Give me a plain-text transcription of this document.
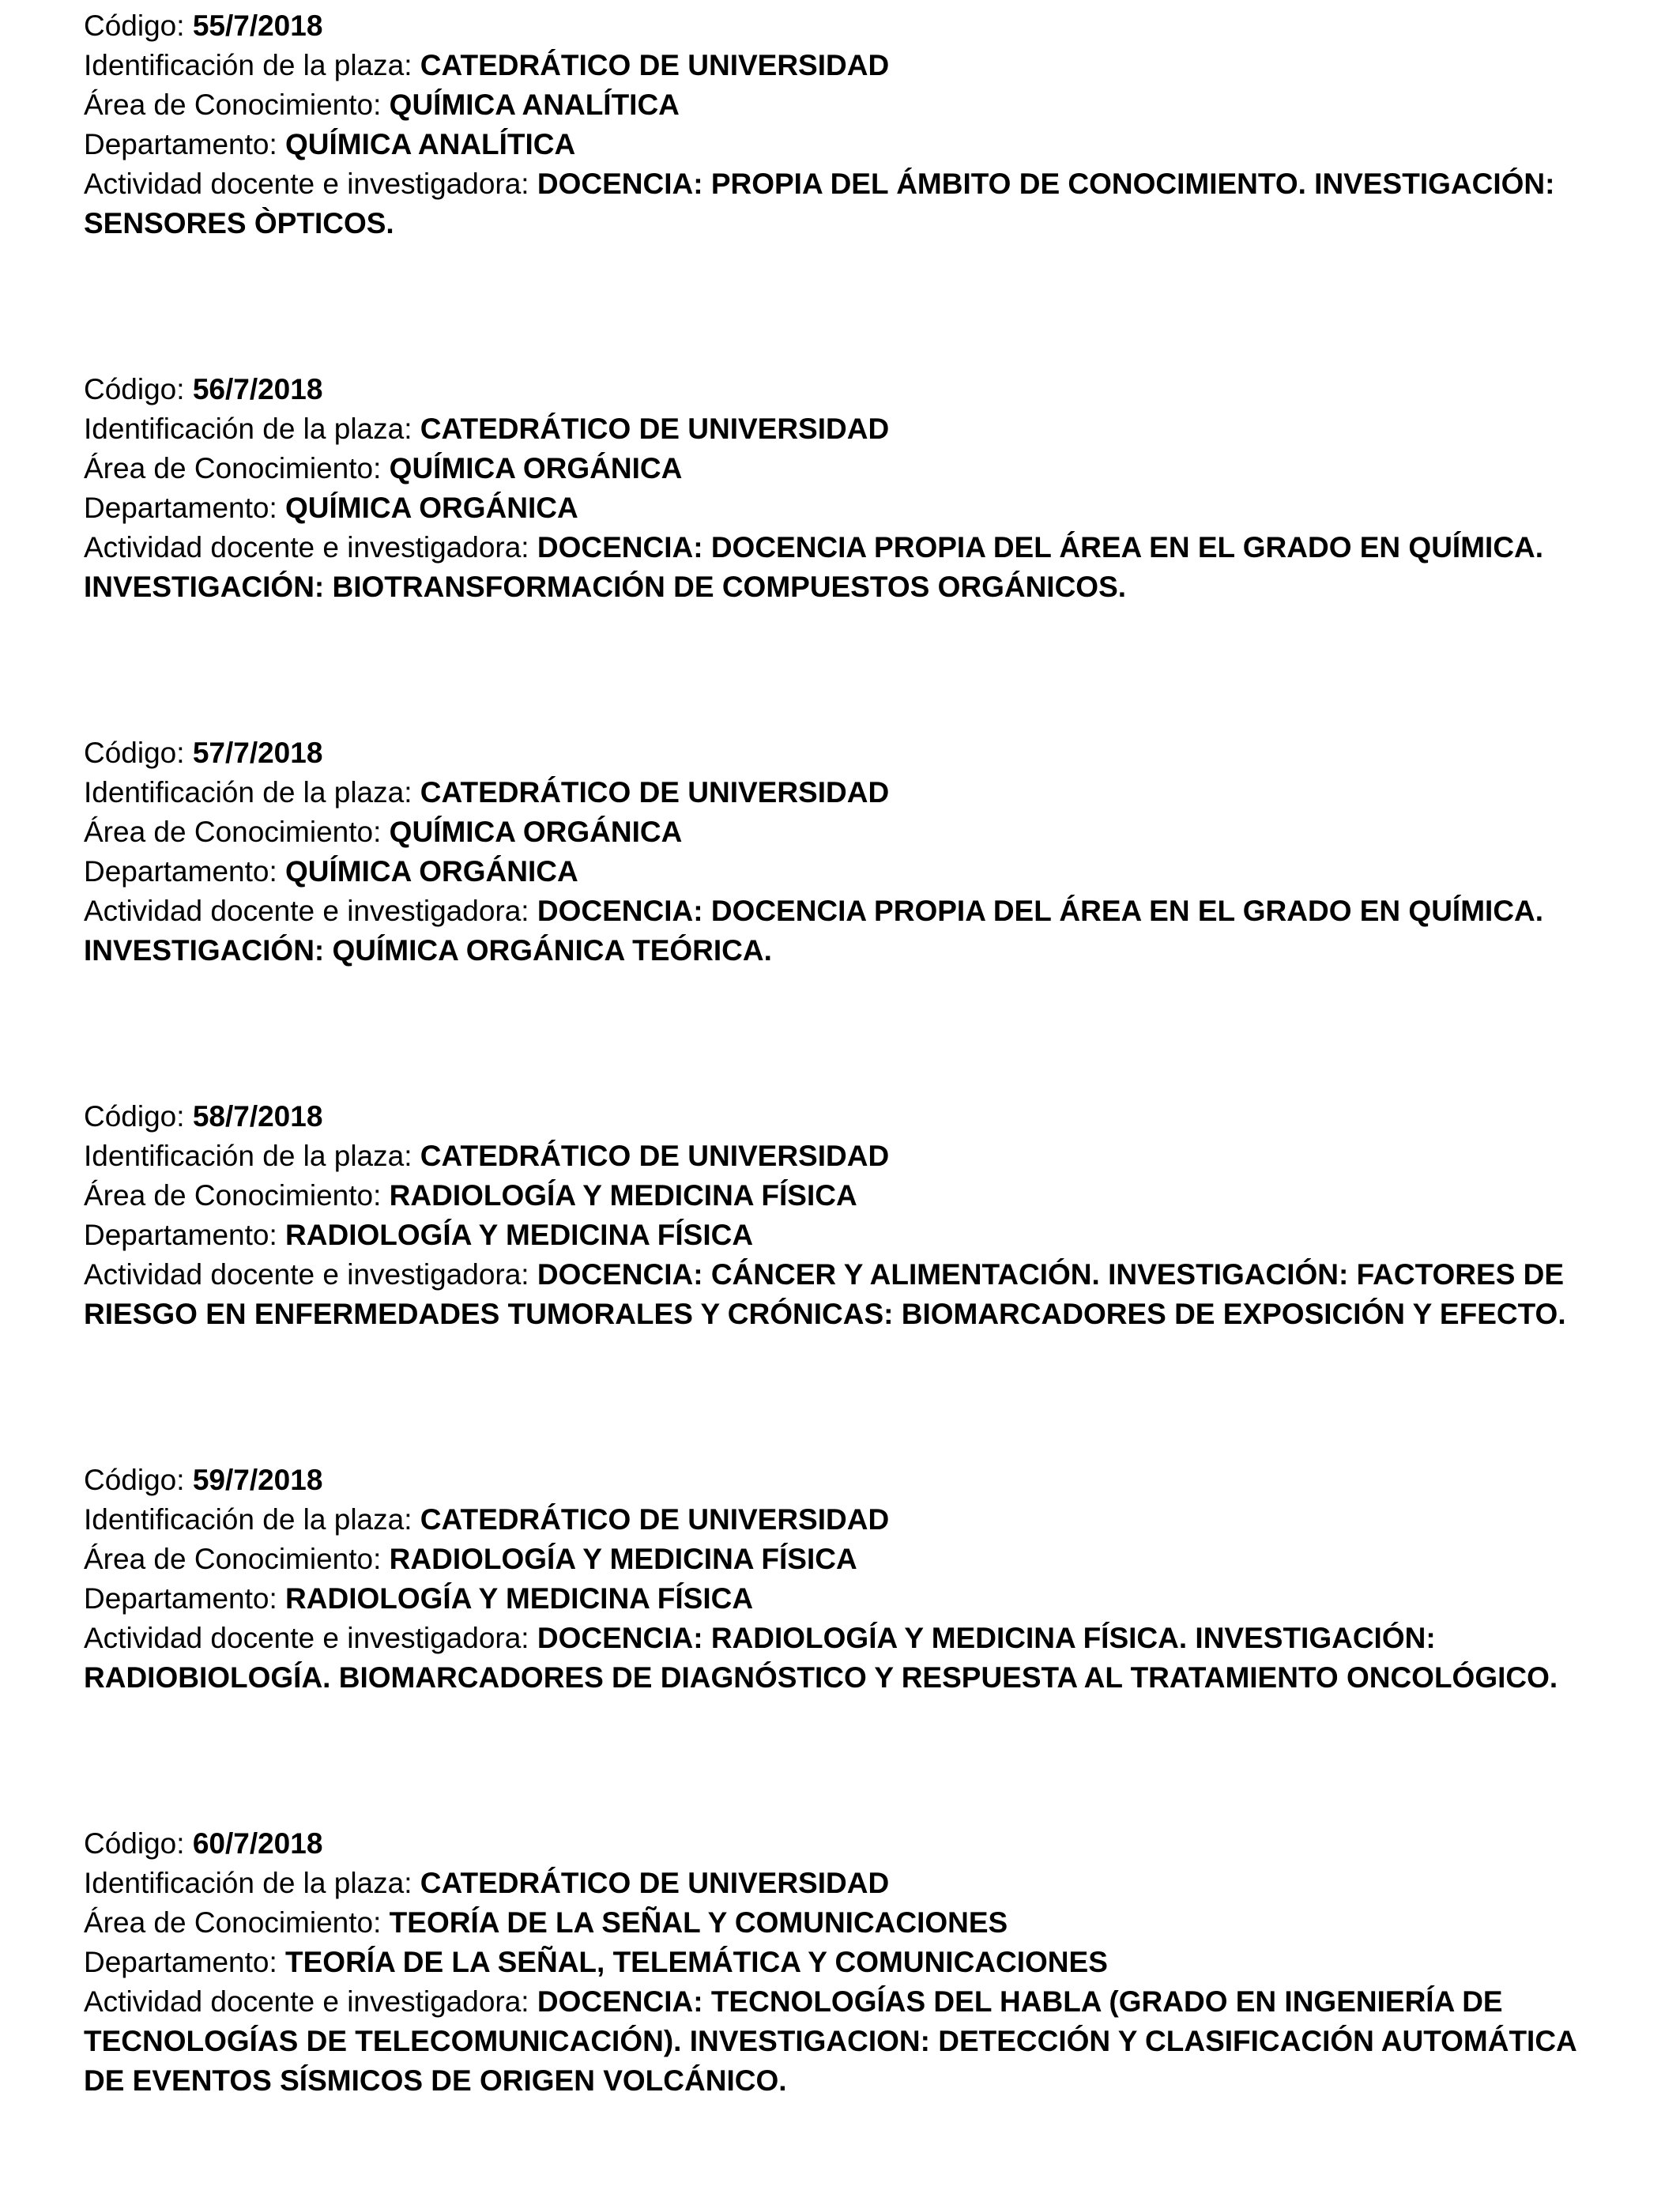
Código: 55/7/2018

Identificación de la plaza: CATEDRÁTICO DE UNIVERSIDAD

Área de Conocimiento: QUÍMICA ANALÍTICA

Departamento: QUÍMICA ANALÍTICA

Actividad docente e investigadora: DOCENCIA: PROPIA DEL ÁMBITO DE CONOCIMIENTO. INVESTIGACIÓN: SENSORES ÒPTICOS.

Código: 56/7/2018

Identificación de la plaza: CATEDRÁTICO DE UNIVERSIDAD

Área de Conocimiento: QUÍMICA ORGÁNICA

Departamento: QUÍMICA ORGÁNICA

Actividad docente e investigadora: DOCENCIA: DOCENCIA PROPIA DEL ÁREA EN EL GRADO EN QUÍMICA. INVESTIGACIÓN: BIOTRANSFORMACIÓN DE COMPUESTOS ORGÁNICOS.

Código: 57/7/2018

Identificación de la plaza: CATEDRÁTICO DE UNIVERSIDAD

Área de Conocimiento: QUÍMICA ORGÁNICA

Departamento: QUÍMICA ORGÁNICA

Actividad docente e investigadora: DOCENCIA: DOCENCIA PROPIA DEL ÁREA EN EL GRADO EN QUÍMICA. INVESTIGACIÓN: QUÍMICA ORGÁNICA TEÓRICA.

Código: 58/7/2018

Identificación de la plaza: CATEDRÁTICO DE UNIVERSIDAD

Área de Conocimiento: RADIOLOGÍA Y MEDICINA FÍSICA

Departamento: RADIOLOGÍA Y MEDICINA FÍSICA

Actividad docente e investigadora: DOCENCIA: CÁNCER Y ALIMENTACIÓN. INVESTIGACIÓN: FACTORES DE RIESGO EN ENFERMEDADES TUMORALES Y CRÓNICAS: BIOMARCADORES DE EXPOSICIÓN Y EFECTO.

Código: 59/7/2018

Identificación de la plaza: CATEDRÁTICO DE UNIVERSIDAD

Área de Conocimiento: RADIOLOGÍA Y MEDICINA FÍSICA

Departamento: RADIOLOGÍA Y MEDICINA FÍSICA

Actividad docente e investigadora: DOCENCIA: RADIOLOGÍA Y MEDICINA FÍSICA. INVESTIGACIÓN: RADIOBIOLOGÍA. BIOMARCADORES DE DIAGNÓSTICO Y RESPUESTA AL TRATAMIENTO ONCOLÓGICO.

Código: 60/7/2018

Identificación de la plaza: CATEDRÁTICO DE UNIVERSIDAD

Área de Conocimiento: TEORÍA DE LA SEÑAL Y COMUNICACIONES

Departamento: TEORÍA DE LA SEÑAL, TELEMÁTICA Y COMUNICACIONES

Actividad docente e investigadora: DOCENCIA: TECNOLOGÍAS DEL HABLA (GRADO EN INGENIERÍA DE TECNOLOGÍAS DE TELECOMUNICACIÓN). INVESTIGACION: DETECCIÓN Y CLASIFICACIÓN AUTOMÁTICA DE EVENTOS SÍSMICOS DE ORIGEN VOLCÁNICO.
